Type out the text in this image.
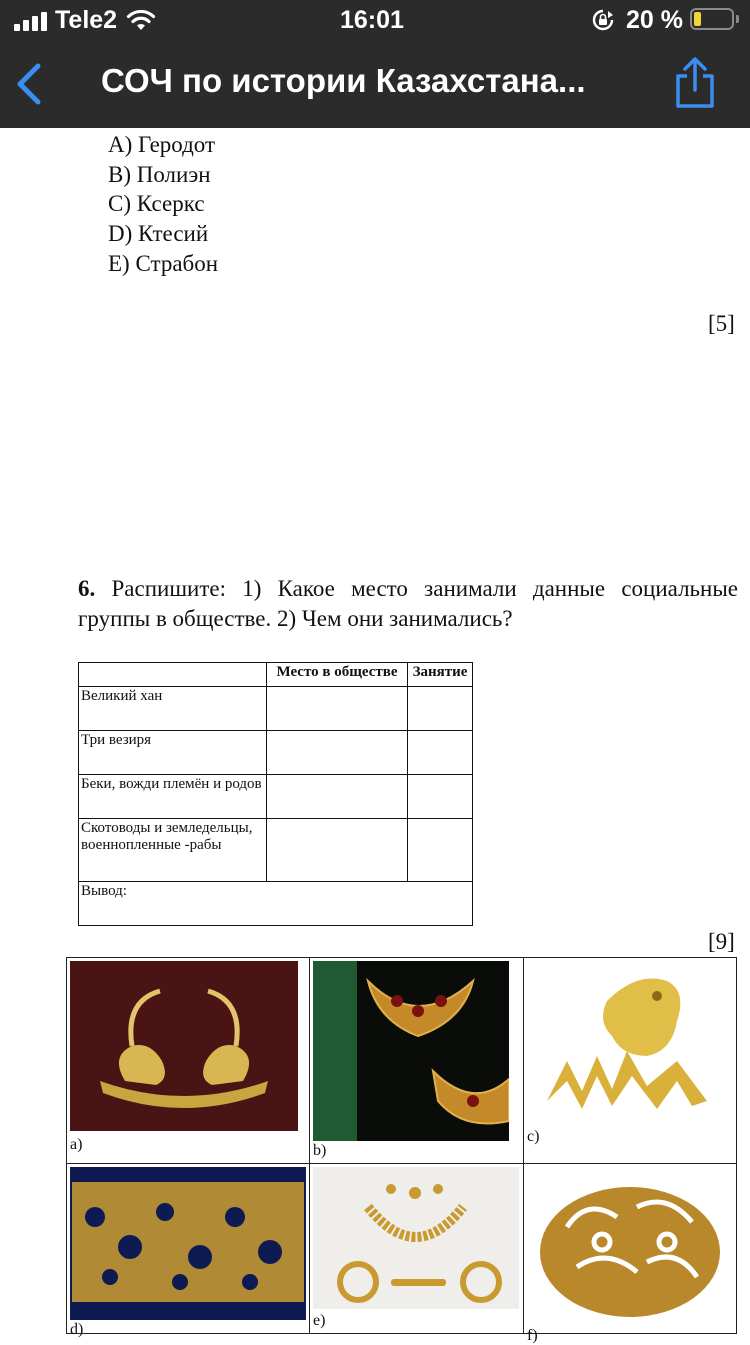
Tele2	16:01	20 %
СОЧ по истории Казахстана...
A) Геродот
B) Полиэн
C) Ксеркс
D) Ктесий
E) Страбон
[5]
6. Распишите: 1) Какое место занимали данные социальные группы в обществе. 2) Чем они занимались?
	Место в обществе	Занятие
Великий хан		
Три везиря		
Беки, вожди племён и родов		
Скотоводы и земледельцы, военнопленные -рабы		
Вывод:		
[9]
a)	b)
c)
d)
e)
f)
